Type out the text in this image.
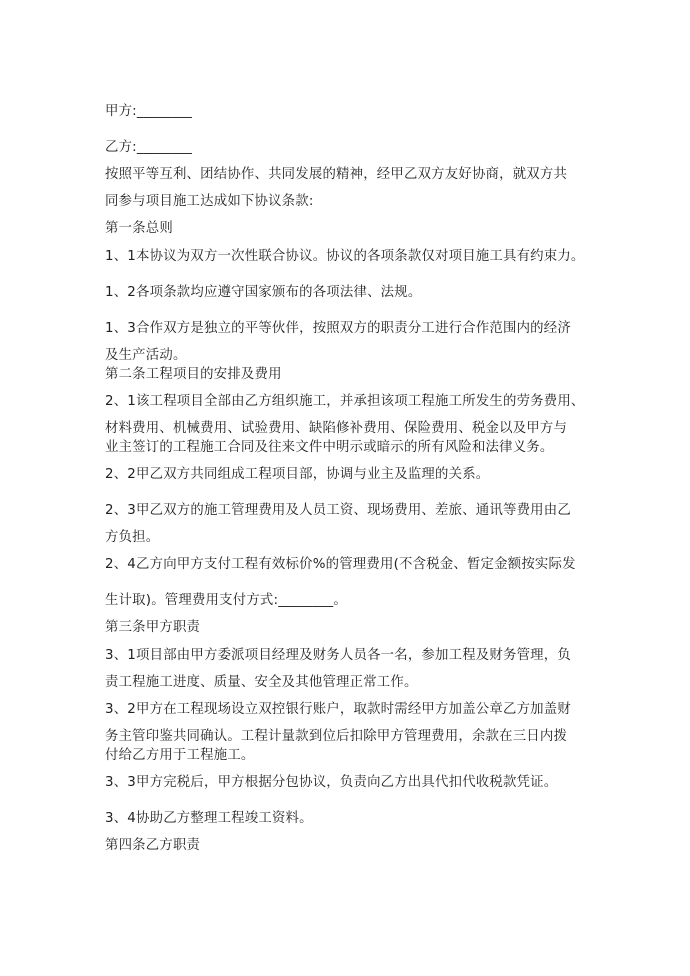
甲方:________
乙方:________
按照平等互利、团结协作、共同发展的精神，经甲乙双方友好协商，就双方共
同参与项目施工达成如下协议条款:
第一条总则
1、1本协议为双方一次性联合协议。协议的各项条款仅对项目施工具有约束力。
1、2各项条款均应遵守国家颁布的各项法律、法规。
1、3合作双方是独立的平等伙伴，按照双方的职责分工进行合作范围内的经济
及生产活动。
第二条工程项目的安排及费用
2、1该工程项目全部由乙方组织施工，并承担该项工程施工所发生的劳务费用、
材料费用、机械费用、试验费用、缺陷修补费用、保险费用、税金以及甲方与
业主签订的工程施工合同及往来文件中明示或暗示的所有风险和法律义务。
2、2甲乙双方共同组成工程项目部，协调与业主及监理的关系。
2、3甲乙双方的施工管理费用及人员工资、现场费用、差旅、通讯等费用由乙
方负担。
2、4乙方向甲方支付工程有效标价%的管理费用(不含税金、暂定金额按实际发
生计取)。管理费用支付方式:________。
第三条甲方职责
3、1项目部由甲方委派项目经理及财务人员各一名，参加工程及财务管理，负
责工程施工进度、质量、安全及其他管理正常工作。
3、2甲方在工程现场设立双控银行账户，取款时需经甲方加盖公章乙方加盖财
务主管印鉴共同确认。工程计量款到位后扣除甲方管理费用，余款在三日内拨
付给乙方用于工程施工。
3、3甲方完税后，甲方根据分包协议，负责向乙方出具代扣代收税款凭证。
3、4协助乙方整理工程竣工资料。
第四条乙方职责
